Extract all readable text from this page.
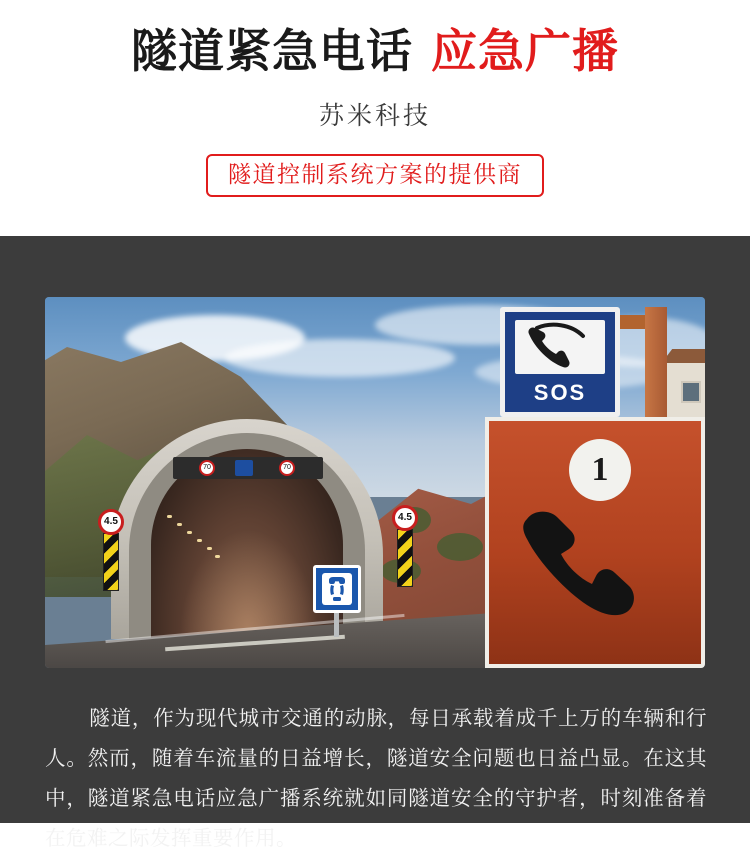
隧道紧急电话 应急广播
苏米科技
隧道控制系统方案的提供商
70	70
4.5	4.5
SOS
1
隧道，作为现代城市交通的动脉，每日承载着成千上万的车辆和行人。然而，随着车流量的日益增长，隧道安全问题也日益凸显。在这其中，隧道紧急电话应急广播系统就如同隧道安全的守护者，时刻准备着在危难之际发挥重要作用。
